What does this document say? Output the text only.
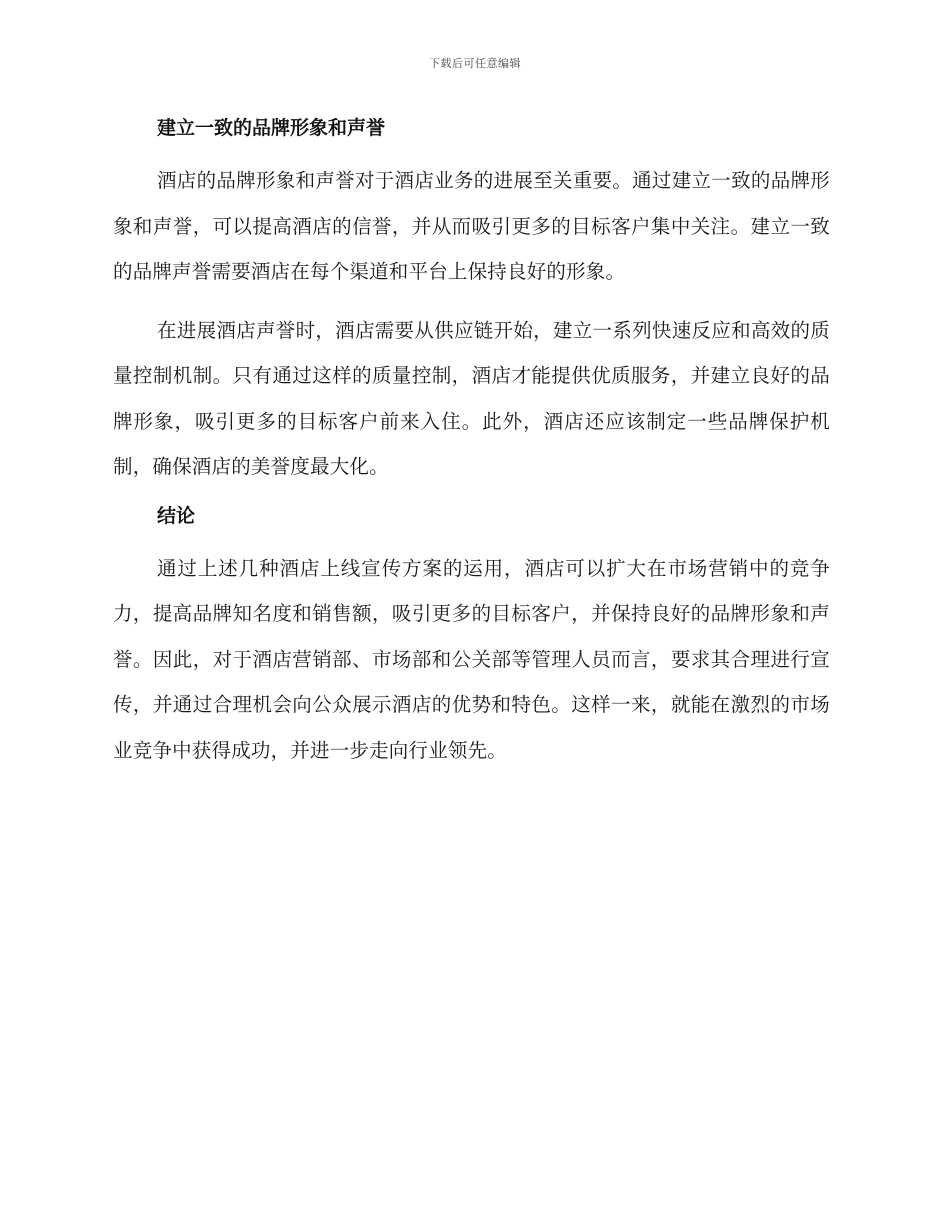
下载后可任意编辑
建立一致的品牌形象和声誉

酒店的品牌形象和声誉对于酒店业务的进展至关重要。通过建立一致的品牌形象和声誉，可以提高酒店的信誉，并从而吸引更多的目标客户集中关注。建立一致的品牌声誉需要酒店在每个渠道和平台上保持良好的形象。

在进展酒店声誉时，酒店需要从供应链开始，建立一系列快速反应和高效的质量控制机制。只有通过这样的质量控制，酒店才能提供优质服务，并建立良好的品牌形象，吸引更多的目标客户前来入住。此外，酒店还应该制定一些品牌保护机制，确保酒店的美誉度最大化。

结论

通过上述几种酒店上线宣传方案的运用，酒店可以扩大在市场营销中的竞争力，提高品牌知名度和销售额，吸引更多的目标客户，并保持良好的品牌形象和声誉。因此，对于酒店营销部、市场部和公关部等管理人员而言，要求其合理进行宣传，并通过合理机会向公众展示酒店的优势和特色。这样一来，就能在激烈的市场业竞争中获得成功，并进一步走向行业领先。
